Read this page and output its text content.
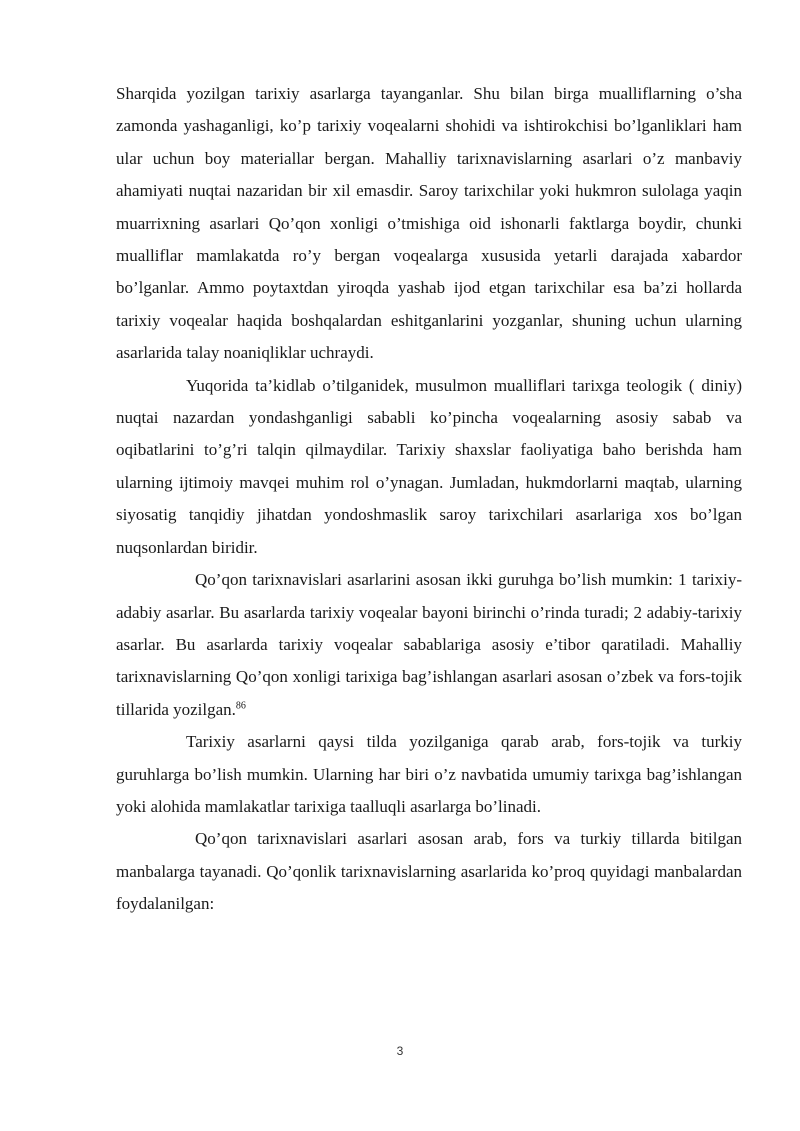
Sharqida yozilgan tarixiy asarlarga tayanganlar. Shu bilan birga mualliflarning o’sha zamonda yashaganligi, ko’p tarixiy voqealarni shohidi va ishtirokchisi bo’lganliklari ham ular uchun boy materiallar bergan. Mahalliy tarixnavislarning asarlari o’z manbaviy ahamiyati nuqtai nazaridan bir xil emasdir. Saroy tarixchilar yoki hukmron sulolaga yaqin muarrixning asarlari Qo’qon xonligi o’tmishiga oid ishonarli faktlarga boydir, chunki mualliflar mamlakatda ro’y bergan voqealarga xususida yetarli darajada xabardor bo’lganlar. Ammo poytaxtdan yiroqda yashab ijod etgan tarixchilar esa ba’zi hollarda tarixiy voqealar haqida boshqalardan eshitganlarini yozganlar, shuning uchun ularning asarlarida talay noaniqliklar uchraydi.

Yuqorida ta’kidlab o’tilganidek, musulmon mualliflari tarixga teologik ( diniy) nuqtai nazardan yondashganligi sababli ko’pincha voqealarning asosiy sabab va oqibatlarini to’g’ri talqin qilmaydilar. Tarixiy shaxslar faoliyatiga baho berishda ham ularning ijtimoiy mavqei muhim rol o’ynagan. Jumladan, hukmdorlarni maqtab, ularning siyosatig tanqidiy jihatdan yondoshmaslik saroy tarixchilari asarlariga xos bo’lgan nuqsonlardan biridir.

Qo’qon tarixnavislari asarlarini asosan ikki guruhga bo’lish mumkin: 1 tarixiy-adabiy asarlar. Bu asarlarda tarixiy voqealar bayoni birinchi o’rinda turadi; 2 adabiy-tarixiy asarlar. Bu asarlarda tarixiy voqealar sabablariga asosiy e’tibor qaratiladi. Mahalliy tarixnavislarning Qo’qon xonligi tarixiga bag’ishlangan asarlari asosan o’zbek va fors-tojik tillarida yozilgan.$^{86}$

Tarixiy asarlarni qaysi tilda yozilganiga qarab arab, fors-tojik va turkiy guruhlarga bo’lish mumkin. Ularning har biri o’z navbatida umumiy tarixga bag’ishlangan yoki alohida mamlakatlar tarixiga taalluqli asarlarga bo’linadi.

Qo’qon tarixnavislari asarlari asosan arab, fors va turkiy tillarda bitilgan manbalarga tayanadi. Qo’qonlik tarixnavislarning asarlarida ko’proq quyidagi manbalardan foydalanilgan:

3
